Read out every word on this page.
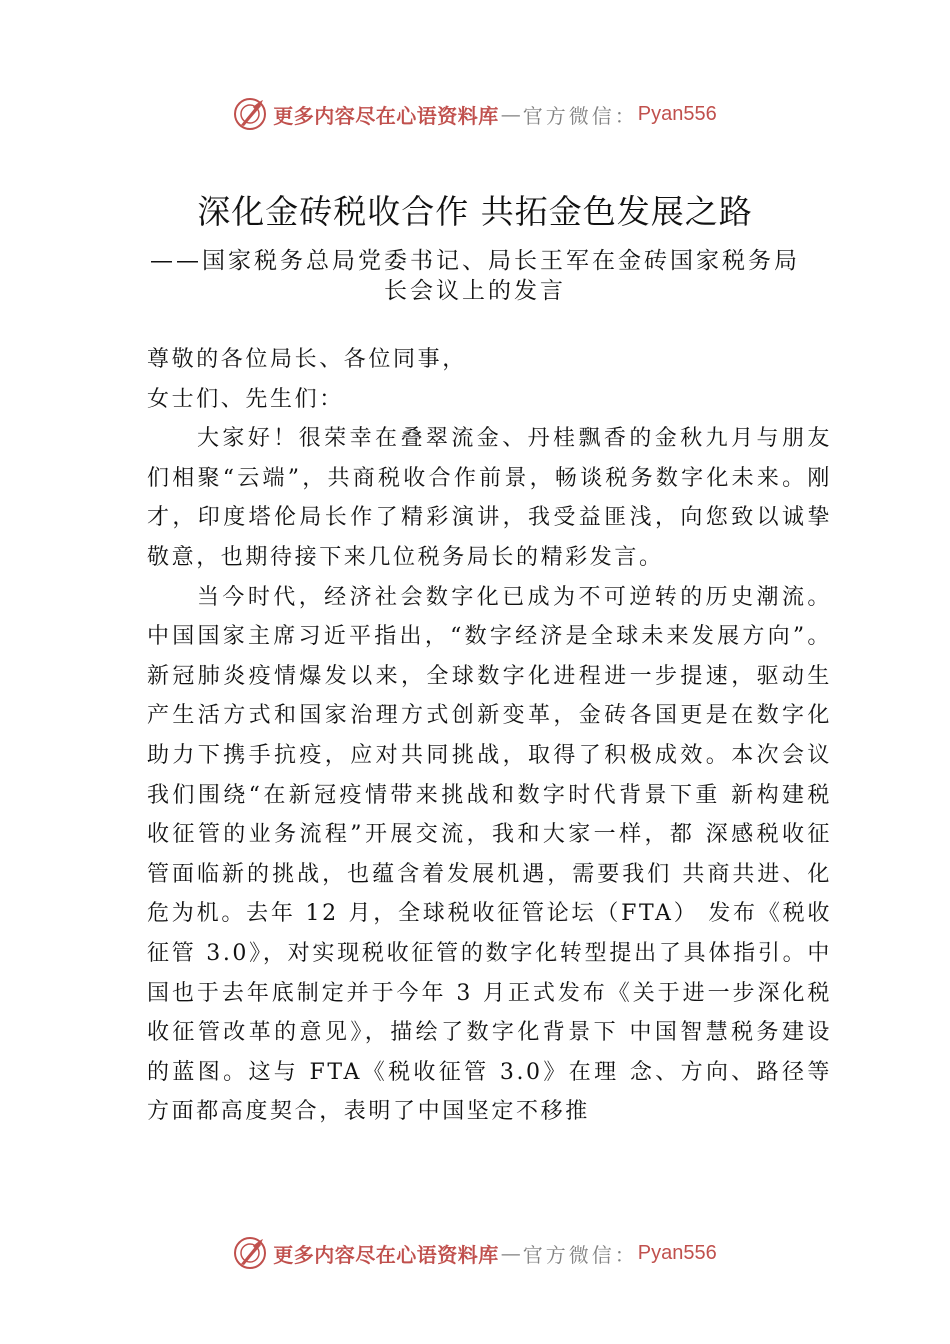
更多内容尽在心语资料库 — 官方微信： Pyan556
深化金砖税收合作 共拓金色发展之路
——国家税务总局党委书记、局长王军在金砖国家税务局长会议上的发言

尊敬的各位局长、各位同事，

女士们、先生们：

大家好！很荣幸在叠翠流金、丹桂飘香的金秋九月与朋友们相聚“云端”，共商税收合作前景，畅谈税务数字化未来。刚才，印度塔伦局长作了精彩演讲，我受益匪浅，向您致以诚挚敬意，也期待接下来几位税务局长的精彩发言。

当今时代，经济社会数字化已成为不可逆转的历史潮流。中国国家主席习近平指出，“数字经济是全球未来发展方向”。新冠肺炎疫情爆发以来，全球数字化进程进一步提速，驱动生产生活方式和国家治理方式创新变革，金砖各国更是在数字化助力下携手抗疫，应对共同挑战，取得了积极成效。本次会议我们围绕“在新冠疫情带来挑战和数字时代背景下重 新构建税收征管的业务流程”开展交流，我和大家一样，都 深感税收征管面临新的挑战，也蕴含着发展机遇，需要我们 共商共进、化危为机。去年 12 月，全球税收征管论坛（FTA） 发布《税收征管 3.0》，对实现税收征管的数字化转型提出了具体指引。中国也于去年底制定并于今年 3 月正式发布《关于进一步深化税收征管改革的意见》，描绘了数字化背景下 中国智慧税务建设的蓝图。这与 FTA《税收征管 3.0》在理 念、方向、路径等方面都高度契合，表明了中国坚定不移推

更多内容尽在心语资料库 — 官方微信： Pyan556
